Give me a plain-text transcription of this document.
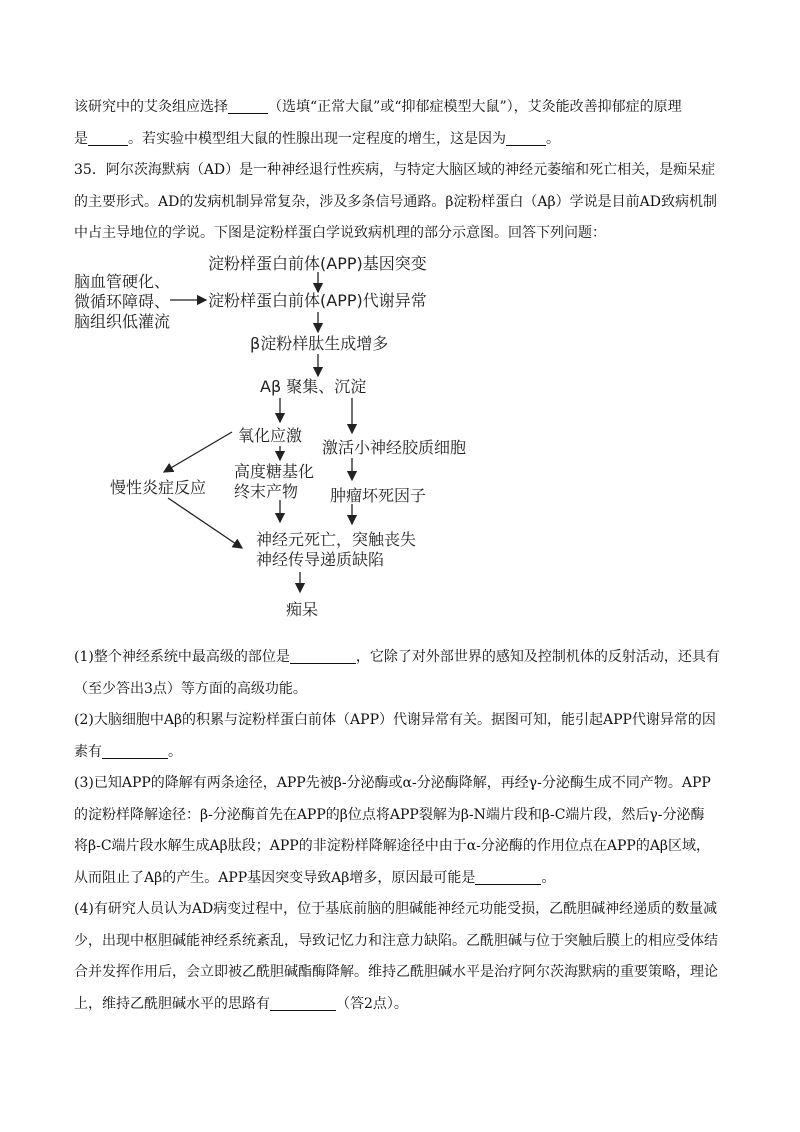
该研究中的艾灸组应选择	（选填“正常大鼠”或“抑郁症模型大鼠”），艾灸能改善抑郁症的原理
是	。若实验中模型组大鼠的性腺出现一定程度的增生，这是因为	。
35．阿尔茨海默病（AD）是一种神经退行性疾病，与特定大脑区域的神经元萎缩和死亡相关，是痴呆症
的主要形式。AD的发病机制异常复杂，涉及多条信号通路。β淀粉样蛋白（Aβ）学说是目前AD致病机制
中占主导地位的学说。下图是淀粉样蛋白学说致病机理的部分示意图。回答下列问题：
淀粉样蛋白前体(APP)基因突变
脑血管硬化、
微循环障碍、
脑组织低灌流
淀粉样蛋白前体(APP)代谢异常
β淀粉样肽生成增多
Aβ 聚集、沉淀
氧化应激
激活小神经胶质细胞
高度糖基化
终末产物
慢性炎症反应	肿瘤坏死因子
神经元死亡，突触丧失
神经传导递质缺陷
痴呆
(1)整个神经系统中最高级的部位是	，它除了对外部世界的感知及控制机体的反射活动，还具有
（至少答出3点）等方面的高级功能。
(2)大脑细胞中Aβ的积累与淀粉样蛋白前体（APP）代谢异常有关。据图可知，能引起APP代谢异常的因
素有	。
(3)已知APP的降解有两条途径，APP先被β-分泌酶或α-分泌酶降解，再经γ-分泌酶生成不同产物。APP
的淀粉样降解途径：β-分泌酶首先在APP的β位点将APP裂解为β-N端片段和β-C端片段，然后γ-分泌酶
将β-C端片段水解生成Aβ肽段；APP的非淀粉样降解途径中由于α-分泌酶的作用位点在APP的Aβ区域，
从而阻止了Aβ的产生。APP基因突变导致Aβ增多，原因最可能是	。
(4)有研究人员认为AD病变过程中，位于基底前脑的胆碱能神经元功能受损，乙酰胆碱神经递质的数量减
少，出现中枢胆碱能神经系统紊乱，导致记忆力和注意力缺陷。乙酰胆碱与位于突触后膜上的相应受体结
合并发挥作用后，会立即被乙酰胆碱酯酶降解。维持乙酰胆碱水平是治疗阿尔茨海默病的重要策略，理论
上，维持乙酰胆碱水平的思路有	（答2点）。
